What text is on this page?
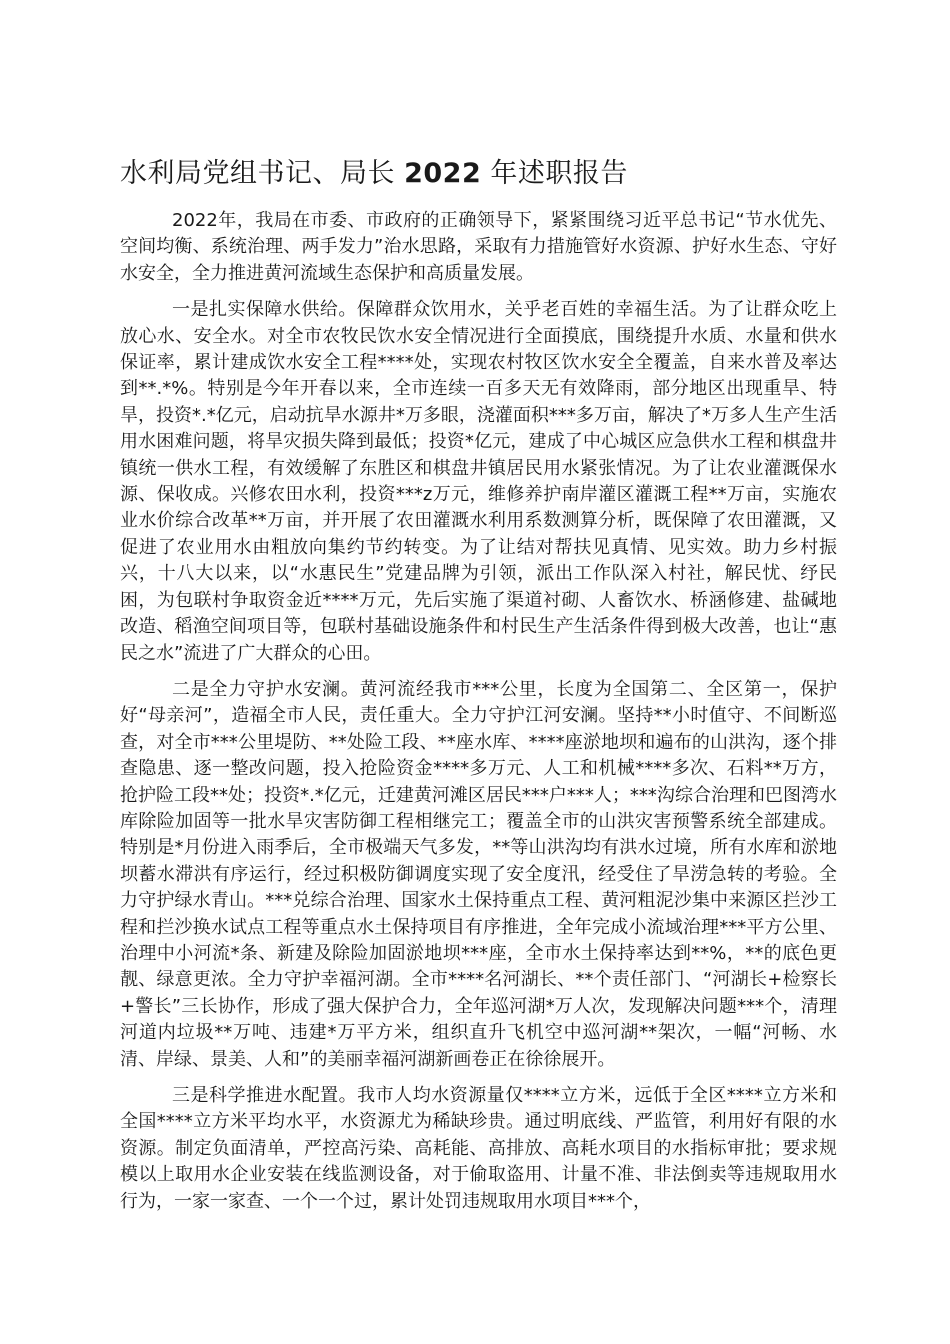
水利局党组书记、局长 2022 年述职报告

2022年，我局在市委、市政府的正确领导下，紧紧围绕习近平总书记“节水优先、空间均衡、系统治理、两手发力”治水思路，采取有力措施管好水资源、护好水生态、守好水安全，全力推进黄河流域生态保护和高质量发展。

一是扎实保障水供给。保障群众饮用水，关乎老百姓的幸福生活。为了让群众吃上放心水、安全水。对全市农牧民饮水安全情况进行全面摸底，围绕提升水质、水量和供水保证率，累计建成饮水安全工程****处，实现农村牧区饮水安全全覆盖，自来水普及率达到**.*%。特别是今年开春以来，全市连续一百多天无有效降雨，部分地区出现重旱、特旱，投资*.*亿元，启动抗旱水源井*万多眼，浇灌面积***多万亩，解决了*万多人生产生活用水困难问题，将旱灾损失降到最低；投资*亿元，建成了中心城区应急供水工程和棋盘井镇统一供水工程，有效缓解了东胜区和棋盘井镇居民用水紧张情况。为了让农业灌溉保水源、保收成。兴修农田水利，投资***z万元，维修养护南岸灌区灌溉工程**万亩，实施农业水价综合改革**万亩，并开展了农田灌溉水利用系数测算分析，既保障了农田灌溉，又促进了农业用水由粗放向集约节约转变。为了让结对帮扶见真情、见实效。助力乡村振兴，十八大以来，以“水惠民生”党建品牌为引领，派出工作队深入村社，解民忧、纾民困，为包联村争取资金近****万元，先后实施了渠道衬砌、人畜饮水、桥涵修建、盐碱地改造、稻渔空间项目等，包联村基础设施条件和村民生产生活条件得到极大改善，也让“惠民之水”流进了广大群众的心田。

二是全力守护水安澜。黄河流经我市***公里，长度为全国第二、全区第一，保护好“母亲河”，造福全市人民，责任重大。全力守护江河安澜。坚持**小时值守、不间断巡查，对全市***公里堤防、**处险工段、**座水库、****座淤地坝和遍布的山洪沟，逐个排查隐患、逐一整改问题，投入抢险资金****多万元、人工和机械****多次、石料**万方，抢护险工段**处；投资*.*亿元，迁建黄河滩区居民***户***人；***沟综合治理和巴图湾水库除险加固等一批水旱灾害防御工程相继完工；覆盖全市的山洪灾害预警系统全部建成。特别是*月份进入雨季后，全市极端天气多发，**等山洪沟均有洪水过境，所有水库和淤地坝蓄水滞洪有序运行，经过积极防御调度实现了安全度汛，经受住了旱涝急转的考验。全力守护绿水青山。***兑综合治理、国家水土保持重点工程、黄河粗泥沙集中来源区拦沙工程和拦沙换水试点工程等重点水土保持项目有序推进，全年完成小流域治理***平方公里、治理中小河流*条、新建及除险加固淤地坝***座，全市水土保持率达到**%，**的底色更靓、绿意更浓。全力守护幸福河湖。全市****名河湖长、**个责任部门、“河湖长+检察长+警长”三长协作，形成了强大保护合力，全年巡河湖*万人次，发现解决问题***个，清理河道内垃圾**万吨、违建*万平方米，组织直升飞机空中巡河湖**架次，一幅“河畅、水清、岸绿、景美、人和”的美丽幸福河湖新画卷正在徐徐展开。

三是科学推进水配置。我市人均水资源量仅****立方米，远低于全区****立方米和全国****立方米平均水平，水资源尤为稀缺珍贵。通过明底线、严监管，利用好有限的水资源。制定负面清单，严控高污染、高耗能、高排放、高耗水项目的水指标审批；要求规模以上取用水企业安装在线监测设备，对于偷取盗用、计量不准、非法倒卖等违规取用水行为，一家一家查、一个一个过，累计处罚违规取用水项目***个，
